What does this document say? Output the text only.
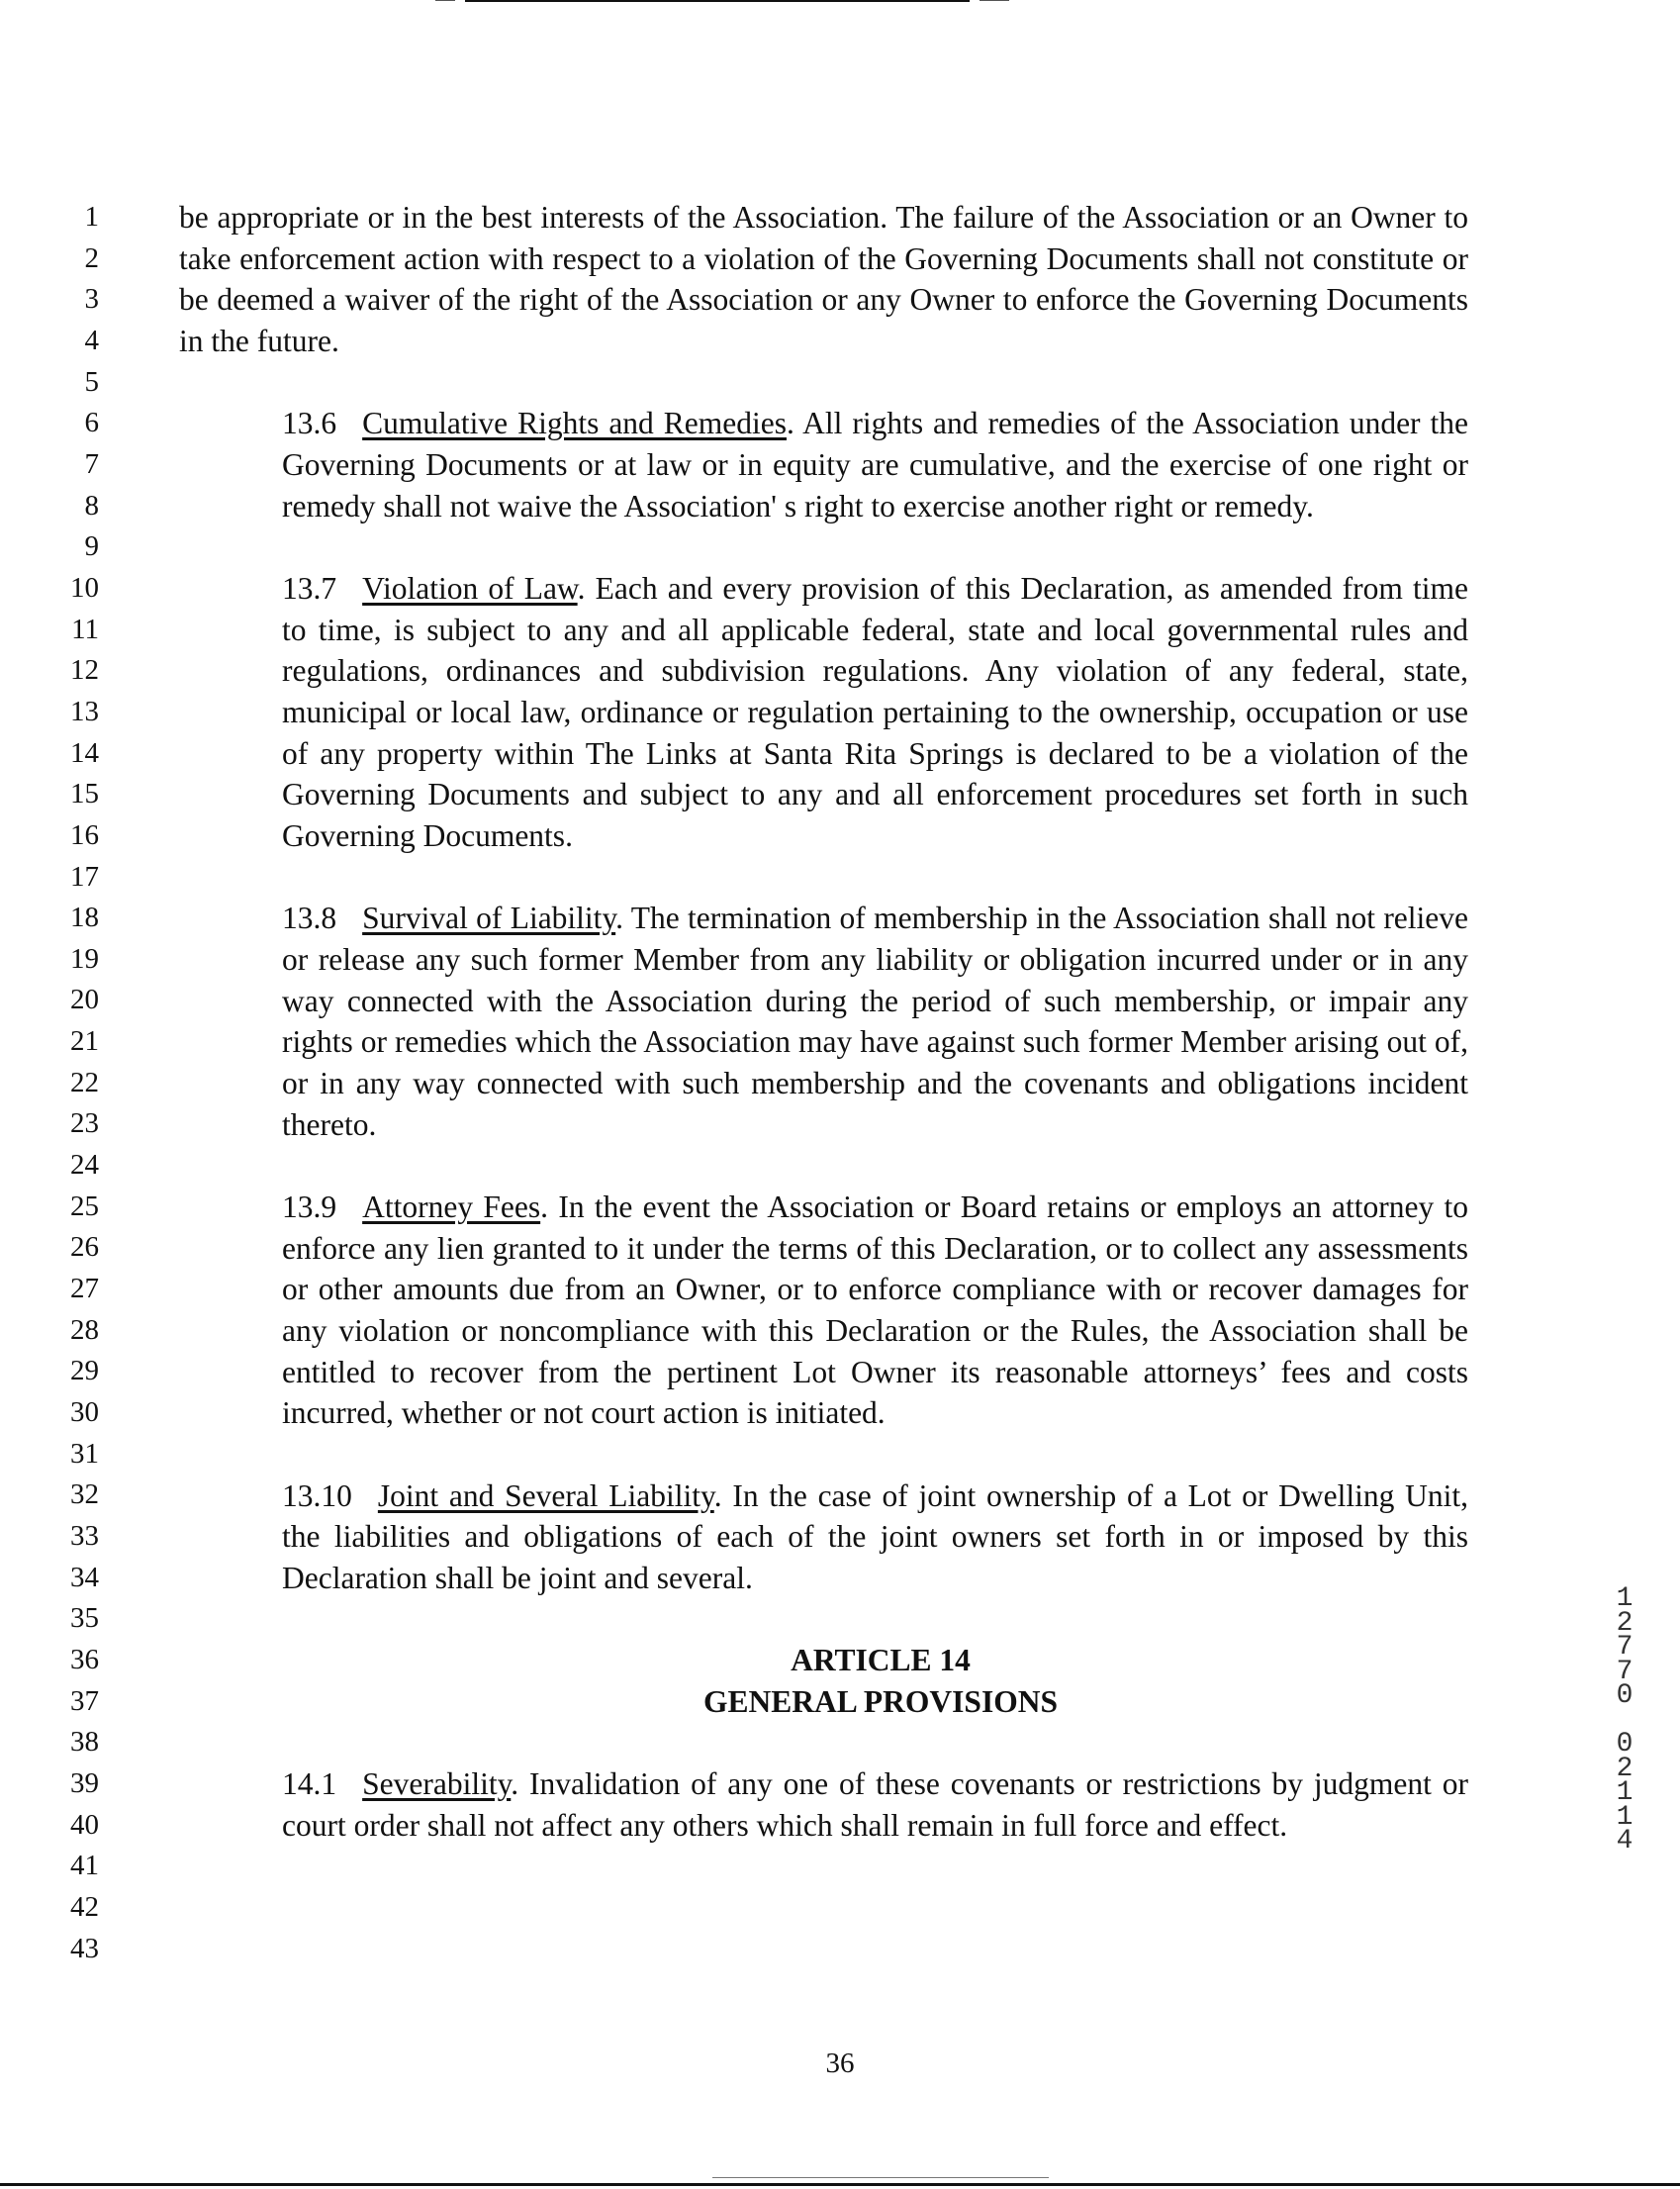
1
2
3
4
5
6
7
8
9
10
11
12
13
14
15
16
17
18
19
20
21
22
23
24
25
26
27
28
29
30
31
32
33
34
35
36
37
38
39
40
41
42
43

be appropriate or in the best interests of the Association. The failure of the Association or an Owner to take enforcement action with respect to a violation of the Governing Documents shall not constitute or be deemed a waiver of the right of the Association or any Owner to enforce the Governing Documents in the future.

13.6 Cumulative Rights and Remedies. All rights and remedies of the Association under the Governing Documents or at law or in equity are cumulative, and the exercise of one right or remedy shall not waive the Association' s right to exercise another right or remedy.

13.7 Violation of Law. Each and every provision of this Declaration, as amended from time to time, is subject to any and all applicable federal, state and local governmental rules and regulations, ordinances and subdivision regulations. Any violation of any federal, state, municipal or local law, ordinance or regulation pertaining to the ownership, occupation or use of any property within The Links at Santa Rita Springs is declared to be a violation of the Governing Documents and subject to any and all enforcement procedures set forth in such Governing Documents.

13.8 Survival of Liability. The termination of membership in the Association shall not relieve or release any such former Member from any liability or obligation incurred under or in any way connected with the Association during the period of such membership, or impair any rights or remedies which the Association may have against such former Member arising out of, or in any way connected with such membership and the covenants and obligations incident thereto.

13.9 Attorney Fees. In the event the Association or Board retains or employs an attorney to enforce any lien granted to it under the terms of this Declaration, or to collect any assessments or other amounts due from an Owner, or to enforce compliance with or recover damages for any violation or noncompliance with this Declaration or the Rules, the Association shall be entitled to recover from the pertinent Lot Owner its reasonable attorneys’ fees and costs incurred, whether or not court action is initiated.

13.10 Joint and Several Liability. In the case of joint ownership of a Lot or Dwelling Unit, the liabilities and obligations of each of the joint owners set forth in or imposed by this Declaration shall be joint and several.

ARTICLE 14

GENERAL PROVISIONS

14.1 Severability. Invalidation of any one of these covenants or restrictions by judgment or court order shall not affect any others which shall remain in full force and effect.

1
2
7
7
0
0
2
1
1
4
36
